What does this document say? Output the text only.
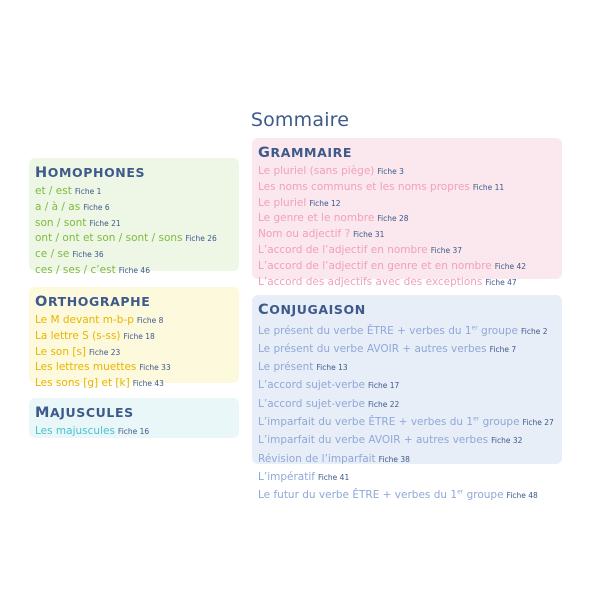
Sommaire
HOMOPHONES
et / est Fiche 1
a / à / as Fiche 6
son / sont Fiche 21
ont / ont et son / sont / sons Fiche 26
ce / se Fiche 36
ces / ses / c’est Fiche 46
ORTHOGRAPHE
Le M devant m-b-p Fiche 8
La lettre S (s-ss) Fiche 18
Le son [s] Fiche 23
Les lettres muettes Fiche 33
Les sons [g] et [k] Fiche 43
MAJUSCULES
Les majuscules Fiche 16
GRAMMAIRE
Le pluriel (sans piège) Fiche 3
Les noms communs et les noms propres Fiche 11
Le pluriel Fiche 12
Le genre et le nombre Fiche 28
Nom ou adjectif ? Fiche 31
L’accord de l’adjectif en nombre Fiche 37
L’accord de l’adjectif en genre et en nombre Fiche 42
L’accord des adjectifs avec des exceptions Fiche 47
CONJUGAISON
Le présent du verbe ÊTRE + verbes du 1er groupe Fiche 2
Le présent du verbe AVOIR + autres verbes Fiche 7
Le présent Fiche 13
L’accord sujet-verbe Fiche 17
L’accord sujet-verbe Fiche 22
L’imparfait du verbe ÊTRE + verbes du 1er groupe Fiche 27
L’imparfait du verbe AVOIR + autres verbes Fiche 32
Révision de l’imparfait Fiche 38
L’impératif Fiche 41
Le futur du verbe ÊTRE + verbes du 1er groupe Fiche 48
